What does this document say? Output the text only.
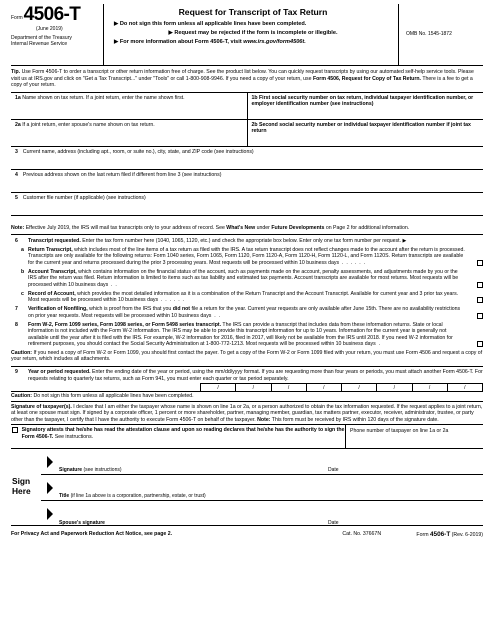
Form 4506-T
(June 2019)
Department of the Treasury
Internal Revenue Service
Request for Transcript of Tax Return
▶ Do not sign this form unless all applicable lines have been completed.
▶ Request may be rejected if the form is incomplete or illegible.
▶ For more information about Form 4506-T, visit www.irs.gov/form4506t.
OMB No. 1545-1872
Tip. Use Form 4506-T to order a transcript or other return information free of charge. See the product list below. You can quickly request transcripts by using our automated self-help service tools. Please visit us at IRS.gov and click on "Get a Tax Transcript..." under "Tools" or call 1-800-908-9946. If you need a copy of your return, use Form 4506, Request for Copy of Tax Return. There is a fee to get a copy of your return.
1a Name shown on tax return. If a joint return, enter the name shown first.	1b First social security number on tax return, individual taxpayer identification number, or employer identification number (see instructions)
2a If a joint return, enter spouse's name shown on tax return.	2b Second social security number or individual taxpayer identification number if joint tax return
3 Current name, address (including apt., room, or suite no.), city, state, and ZIP code (see instructions)
4 Previous address shown on the last return filed if different from line 3 (see instructions)
5 Customer file number (if applicable) (see instructions)
Note: Effective July 2019, the IRS will mail tax transcripts only to your address of record. See What's New under Future Developments on Page 2 for additional information.
6	Transcript requested. Enter the tax form number here (1040, 1065, 1120, etc.) and check the appropriate box below. Enter only one tax form number per request. ▶
a Return Transcript, which includes most of the line items of a tax return as filed with the IRS. A tax return transcript does not reflect changes made to the account after the return is processed. Transcripts are only available for the following returns: Form 1040 series, Form 1065, Form 1120, Form 1120-A, Form 1120-H, Form 1120-L, and Form 1120S. Return transcripts are available for the current year and returns processed during the prior 3 processing years. Most requests will be processed within 10 business days  .  .  .  .  .  .
b Account Transcript, which contains information on the financial status of the account, such as payments made on the account, penalty assessments, and adjustments made by you or the IRS after the return was filed. Return information is limited to items such as tax liability and estimated tax payments. Account transcripts are available for most returns. Most requests will be processed within 10 business days  .  .
c Record of Account, which provides the most detailed information as it is a combination of the Return Transcript and the Account Transcript. Available for current year and 3 prior tax years. Most requests will be processed within 10 business days  .  .  .  .  .  .
7	Verification of Nonfiling, which is proof from the IRS that you did not file a return for the year. Current year requests are only available after June 15th. There are no availability restrictions on prior year requests. Most requests will be processed within 10 business days  .  .
8	Form W-2, Form 1099 series, Form 1098 series, or Form 5498 series transcript. The IRS can provide a transcript that includes data from these information returns. State or local information is not included with the Form W-2 information. The IRS may be able to provide this transcript information for up to 10 years. Information for the current year is generally not available until the year after it is filed with the IRS. For example, W-2 information for 2016, filed in 2017, will likely not be available from the IRS until 2018. If you need W-2 information for retirement purposes, you should contact the Social Security Administration at 1-800-772-1213. Most requests will be processed within 10 business days  .
Caution: If you need a copy of Form W-2 or Form 1099, you should first contact the payer. To get a copy of the Form W-2 or Form 1099 filed with your return, you must use Form 4506 and request a copy of your return, which includes all attachments.
9	Year or period requested. Enter the ending date of the year or period, using the mm/dd/yyyy format. If you are requesting more than four years or periods, you must attach another Form 4506-T. For requests relating to quarterly tax returns, such as Form 941, you must enter each quarter or tax period separately.
/	/	/	/	/	/	/	/
Caution: Do not sign this form unless all applicable lines have been completed.
Signature of taxpayer(s). I declare that I am either the taxpayer whose name is shown on line 1a or 2a, or a person authorized to obtain the tax information requested. If the request applies to a joint return, at least one spouse must sign. If signed by a corporate officer, 1 percent or more shareholder, partner, managing member, guardian, tax matters partner, executor, receiver, administrator, trustee, or party other than the taxpayer, I certify that I have the authority to execute Form 4506-T on behalf of the taxpayer. Note: This form must be received by IRS within 120 days of the signature date.
Signatory attests that he/she has read the attestation clause and upon so reading declares that he/she has the authority to sign the Form 4506-T. See instructions.
Phone number of taxpayer on line 1a or 2a
Sign
Here
Signature (see instructions)	Date
Title (if line 1a above is a corporation, partnership, estate, or trust)
Spouse's signature	Date
For Privacy Act and Paperwork Reduction Act Notice, see page 2.	Cat. No. 37667N	Form 4506-T (Rev. 6-2019)
